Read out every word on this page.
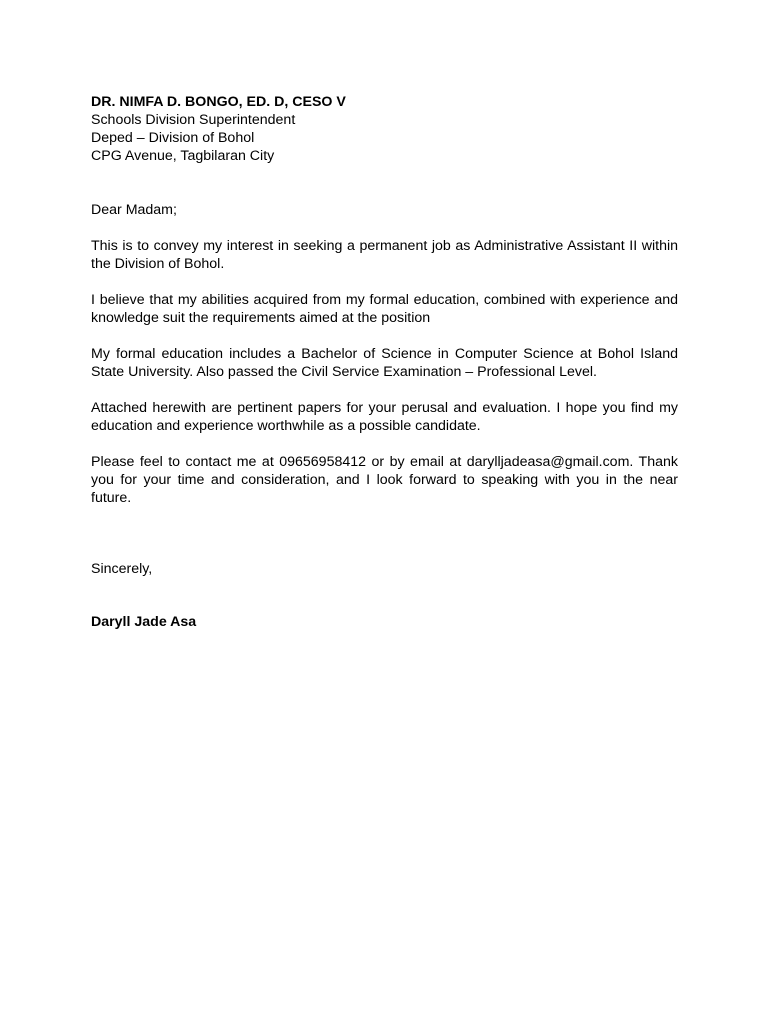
DR. NIMFA D. BONGO, ED. D, CESO V

Schools Division Superintendent

Deped – Division of Bohol

CPG Avenue, Tagbilaran City

Dear Madam;

This is to convey my interest in seeking a permanent job as Administrative Assistant II within the Division of Bohol.

I believe that my abilities acquired from my formal education, combined with experience and knowledge suit the requirements aimed at the position

My formal education includes a Bachelor of Science in Computer Science at Bohol Island State University. Also passed the Civil Service Examination – Professional Level.

Attached herewith are pertinent papers for your perusal and evaluation. I hope you find my education and experience worthwhile as a possible candidate.

Please feel to contact me at 09656958412 or by email at darylljadeasa@gmail.com. Thank you for your time and consideration, and I look forward to speaking with you in the near future.

Sincerely,

Daryll Jade Asa
